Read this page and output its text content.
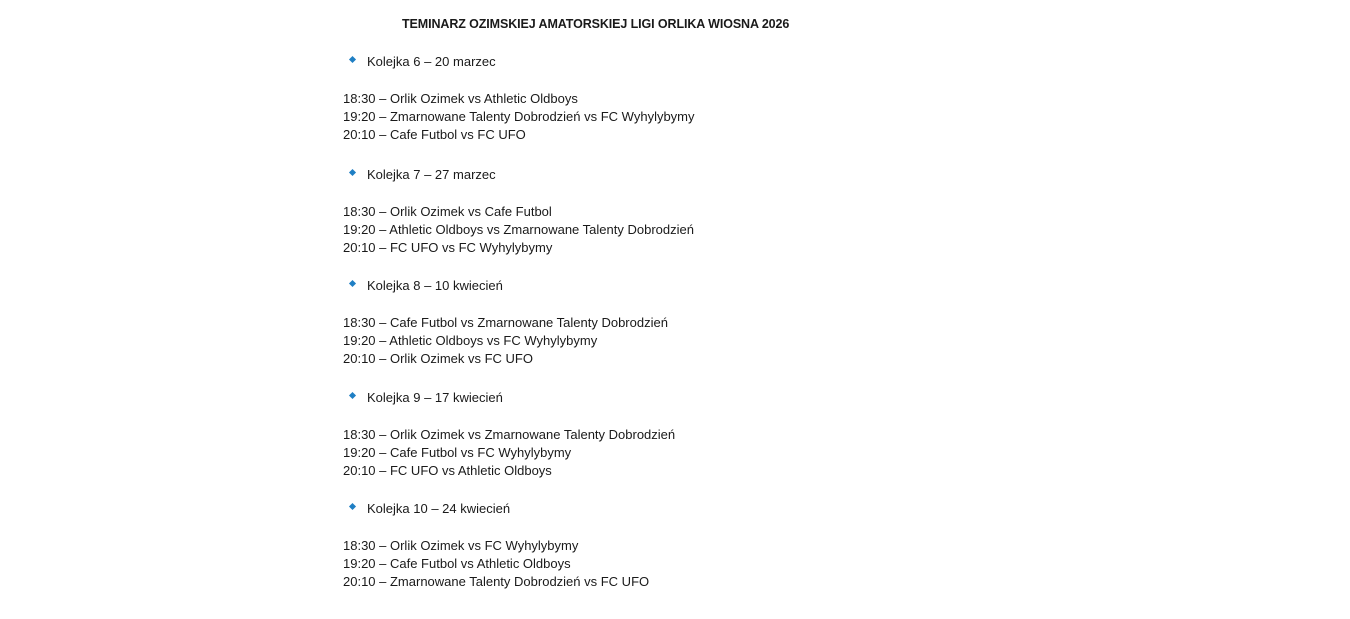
TEMINARZ OZIMSKIEJ AMATORSKIEJ LIGI ORLIKA WIOSNA 2026
Kolejka 6 – 20 marzec
18:30 – Orlik Ozimek vs Athletic Oldboys
19:20 – Zmarnowane Talenty Dobrodzień vs FC Wyhylybymy
20:10 – Cafe Futbol vs FC UFO
Kolejka 7 – 27 marzec
18:30 – Orlik Ozimek vs Cafe Futbol
19:20 – Athletic Oldboys vs Zmarnowane Talenty Dobrodzień
20:10 – FC UFO vs FC Wyhylybymy
Kolejka 8 – 10 kwiecień
18:30 – Cafe Futbol vs Zmarnowane Talenty Dobrodzień
19:20 – Athletic Oldboys vs FC Wyhylybymy
20:10 – Orlik Ozimek vs FC UFO
Kolejka 9 – 17 kwiecień
18:30 – Orlik Ozimek vs Zmarnowane Talenty Dobrodzień
19:20 – Cafe Futbol vs FC Wyhylybymy
20:10 – FC UFO vs Athletic Oldboys
Kolejka 10 – 24 kwiecień
18:30 – Orlik Ozimek vs FC Wyhylybymy
19:20 – Cafe Futbol vs Athletic Oldboys
20:10 – Zmarnowane Talenty Dobrodzień vs FC UFO
